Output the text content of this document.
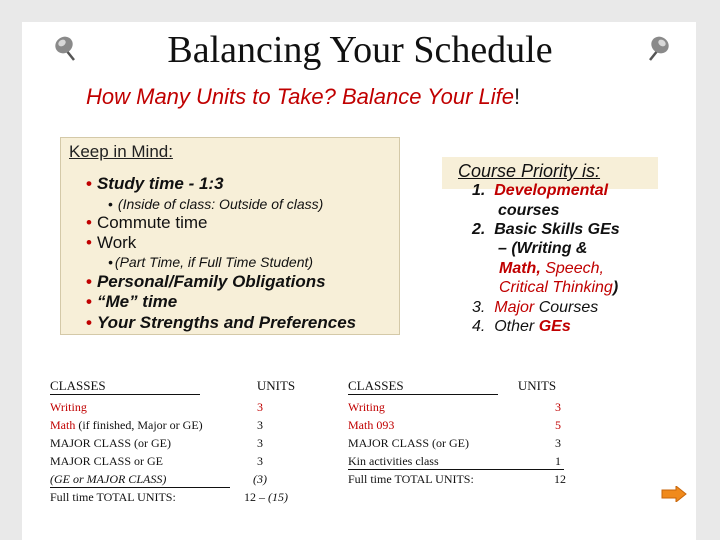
Balancing Your Schedule
How Many Units to Take? Balance Your Life!
Keep in Mind:
• Study time - 1:3
• (Inside of class: Outside of class)
• Commute time
• Work
• (Part Time, if Full Time Student)
• Personal/Family Obligations
• “Me” time
• Your Strengths and Preferences
Course Priority is:
1. Developmental
courses
2. Basic Skills GEs
– (Writing &
Math, Speech,
Critical Thinking)
3. Major Courses
4. Other GEs
CLASSES	UNITS
Writing	3
Math (if finished, Major or GE)	3
MAJOR CLASS (or GE)	3
MAJOR CLASS or GE	3
(GE or MAJOR CLASS)	(3)
Full time TOTAL UNITS:	12 – (15)
CLASSES	UNITS
Writing	3
Math 093	5
MAJOR CLASS (or GE)	3
Kin activities class	1

Full time TOTAL UNITS:	12
